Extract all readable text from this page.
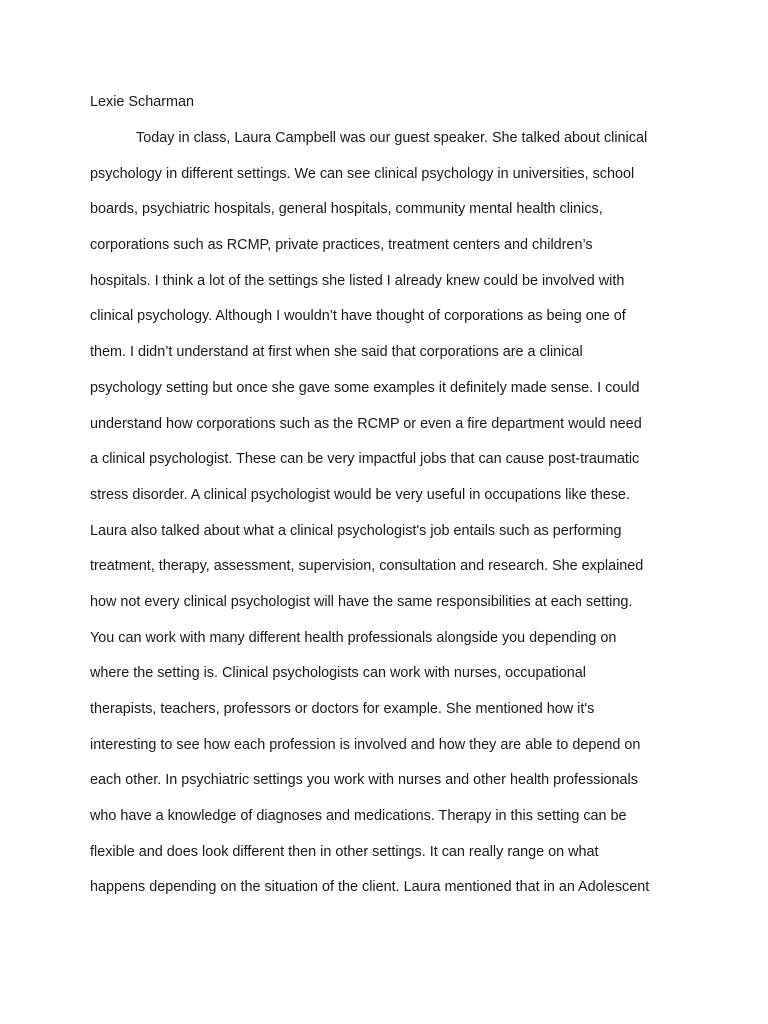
Lexie Scharman
Today in class, Laura Campbell was our guest speaker. She talked about clinical
psychology in different settings. We can see clinical psychology in universities, school
boards, psychiatric hospitals, general hospitals, community mental health clinics,
corporations such as RCMP, private practices, treatment centers and children’s
hospitals. I think a lot of the settings she listed I already knew could be involved with
clinical psychology. Although I wouldn’t have thought of corporations as being one of
them. I didn’t understand at first when she said that corporations are a clinical
psychology setting but once she gave some examples it definitely made sense. I could
understand how corporations such as the RCMP or even a fire department would need
a clinical psychologist. These can be very impactful jobs that can cause post-traumatic
stress disorder. A clinical psychologist would be very useful in occupations like these.
Laura also talked about what a clinical psychologist's job entails such as performing
treatment, therapy, assessment, supervision, consultation and research. She explained
how not every clinical psychologist will have the same responsibilities at each setting.
You can work with many different health professionals alongside you depending on
where the setting is. Clinical psychologists can work with nurses, occupational
therapists, teachers, professors or doctors for example. She mentioned how it's
interesting to see how each profession is involved and how they are able to depend on
each other. In psychiatric settings you work with nurses and other health professionals
who have a knowledge of diagnoses and medications. Therapy in this setting can be
flexible and does look different then in other settings. It can really range on what
happens depending on the situation of the client. Laura mentioned that in an Adolescent
